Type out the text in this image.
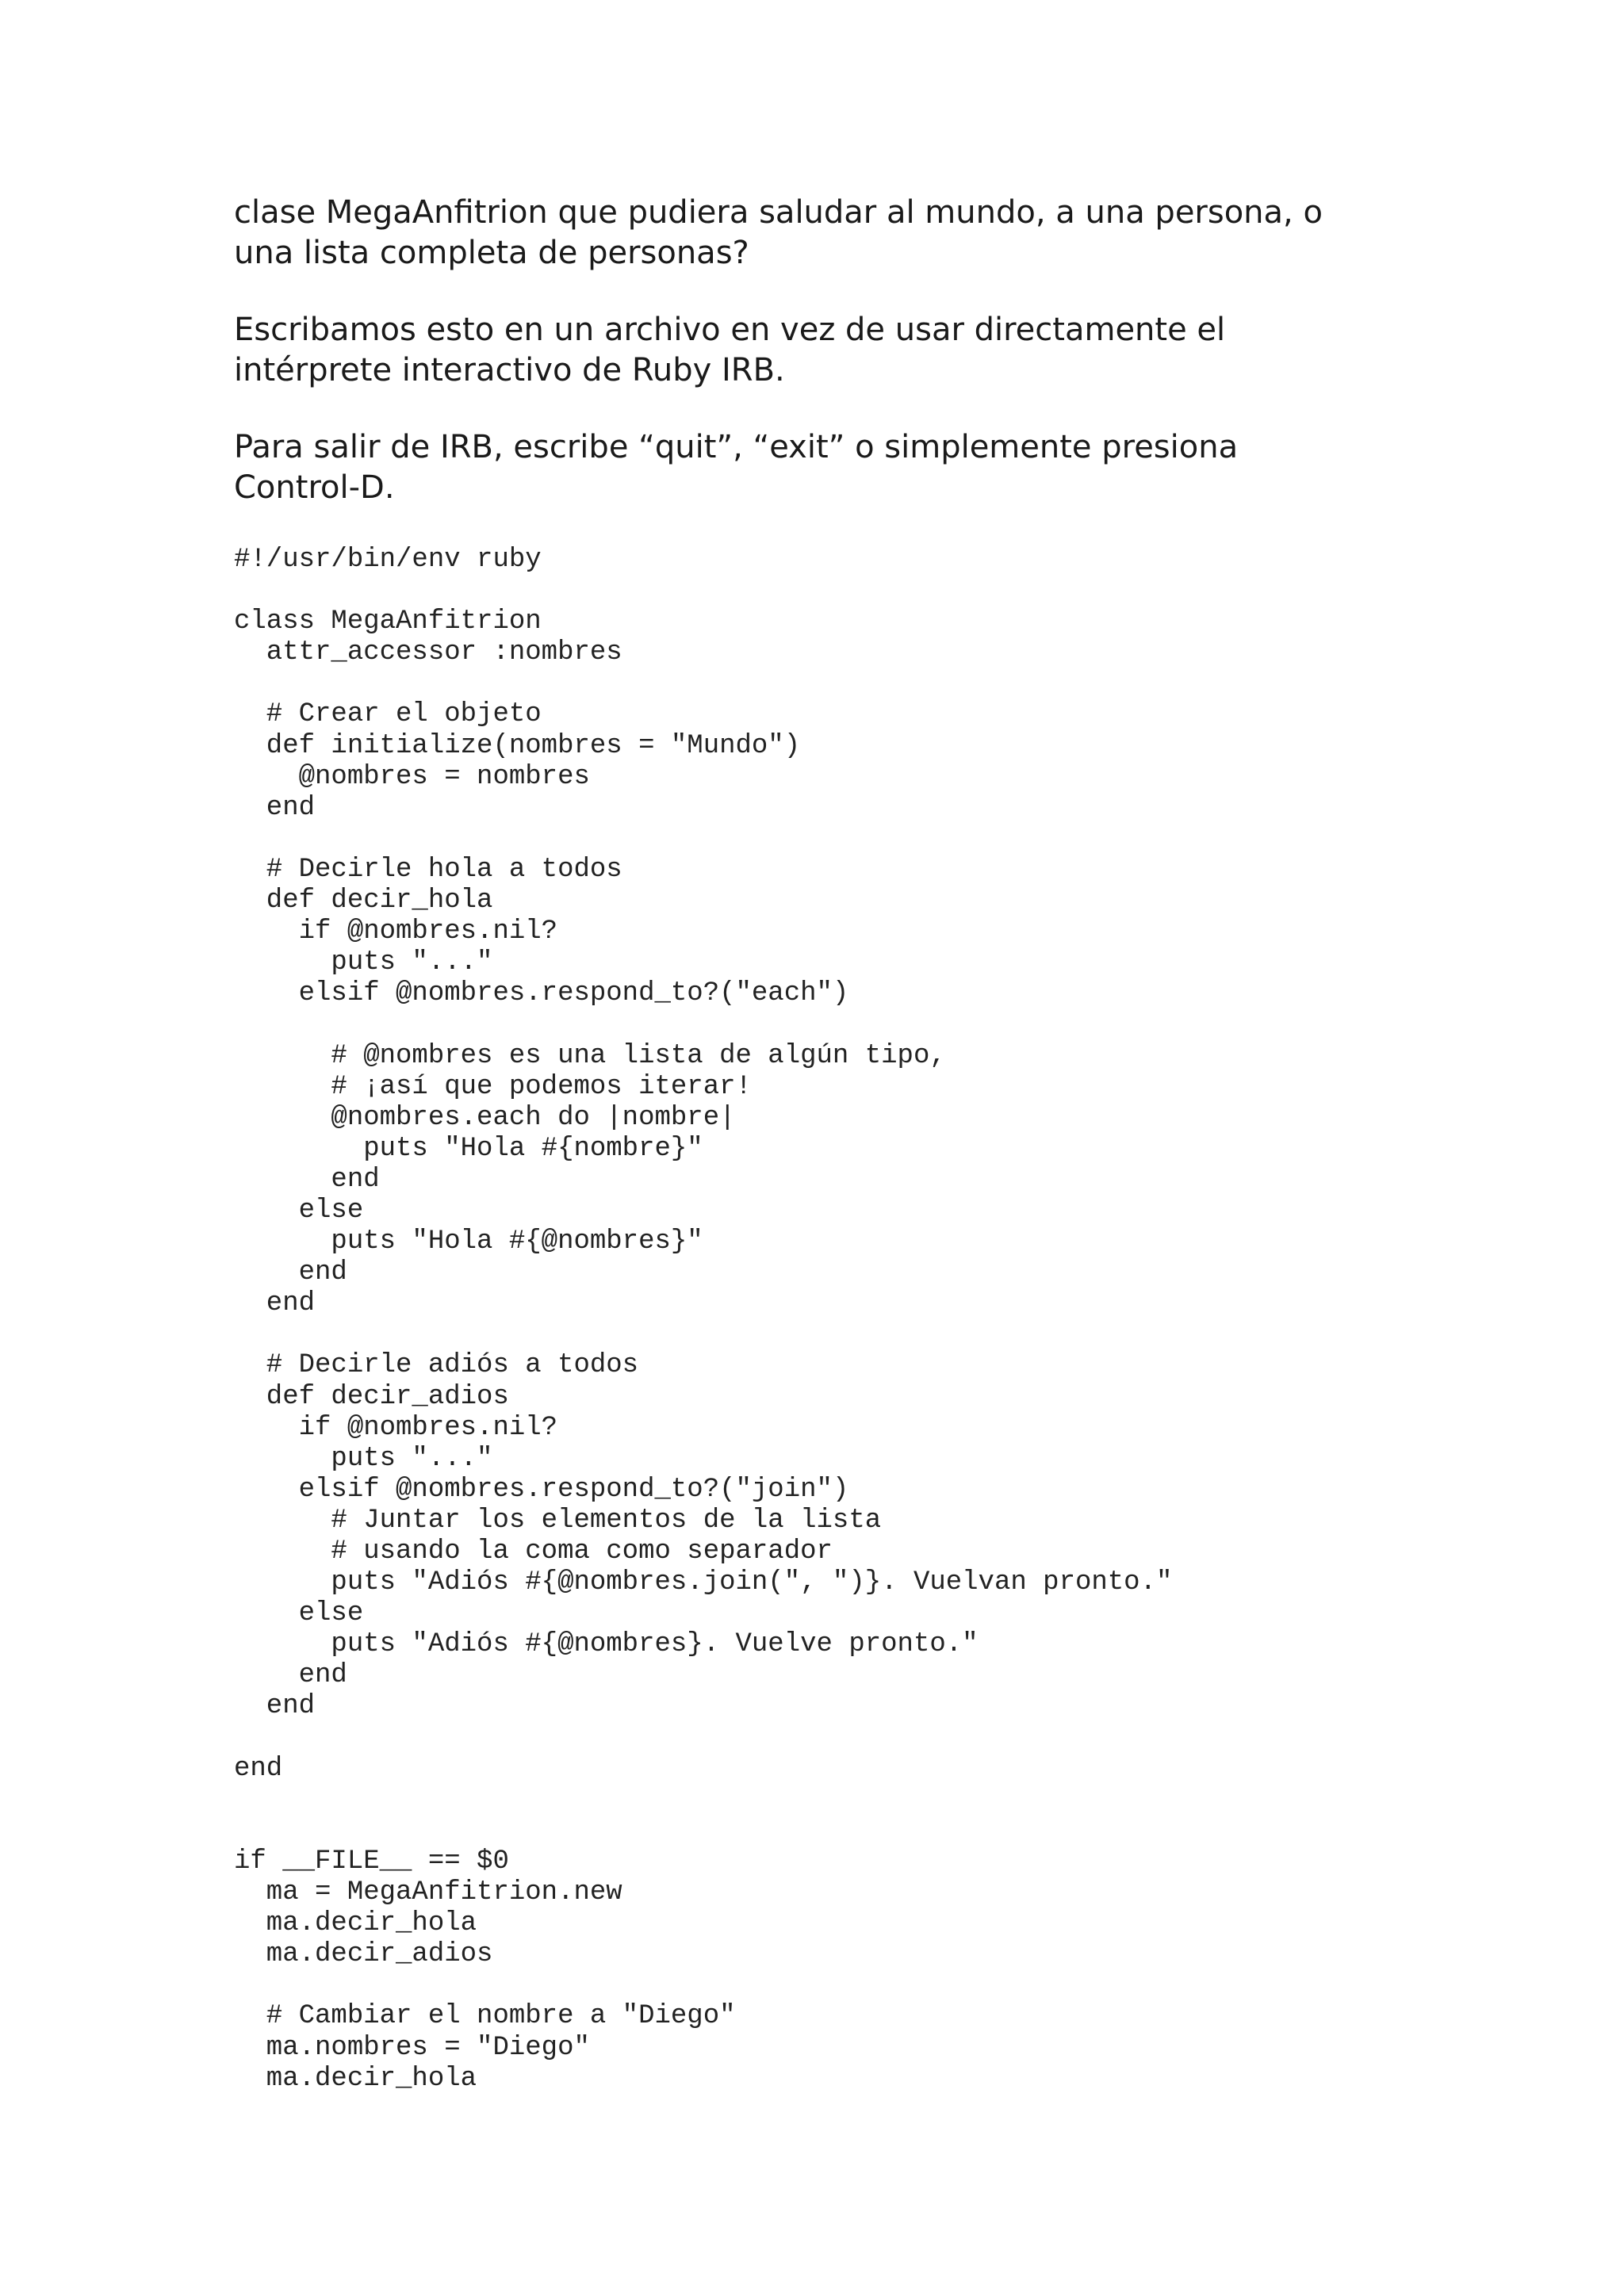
clase MegaAnfitrion que pudiera saludar al mundo, a una persona, o
una lista completa de personas?

Escribamos esto en un archivo en vez de usar directamente el
intérprete interactivo de Ruby IRB.

Para salir de IRB, escribe “quit”, “exit” o simplemente presiona
Control-D.

#!/usr/bin/env ruby
class MegaAnfitrion
attr_accessor :nombres
# Crear el objeto
def initialize(nombres = "Mundo")
@nombres = nombres
end
# Decirle hola a todos
def decir_hola
if @nombres.nil?
puts "..."
elsif @nombres.respond_to?("each")
# @nombres es una lista de algún tipo,
# ¡así que podemos iterar!
@nombres.each do |nombre|
puts "Hola #{nombre}"
end
else
puts "Hola #{@nombres}"
end
end
# Decirle adiós a todos
def decir_adios
if @nombres.nil?
puts "..."
elsif @nombres.respond_to?("join")
# Juntar los elementos de la lista
# usando la coma como separador
puts "Adiós #{@nombres.join(", ")}. Vuelvan pronto."
else
puts "Adiós #{@nombres}. Vuelve pronto."
end
end
end
if __FILE__ == $0
ma = MegaAnfitrion.new
ma.decir_hola
ma.decir_adios
# Cambiar el nombre a "Diego"
ma.nombres = "Diego"
ma.decir_hola
